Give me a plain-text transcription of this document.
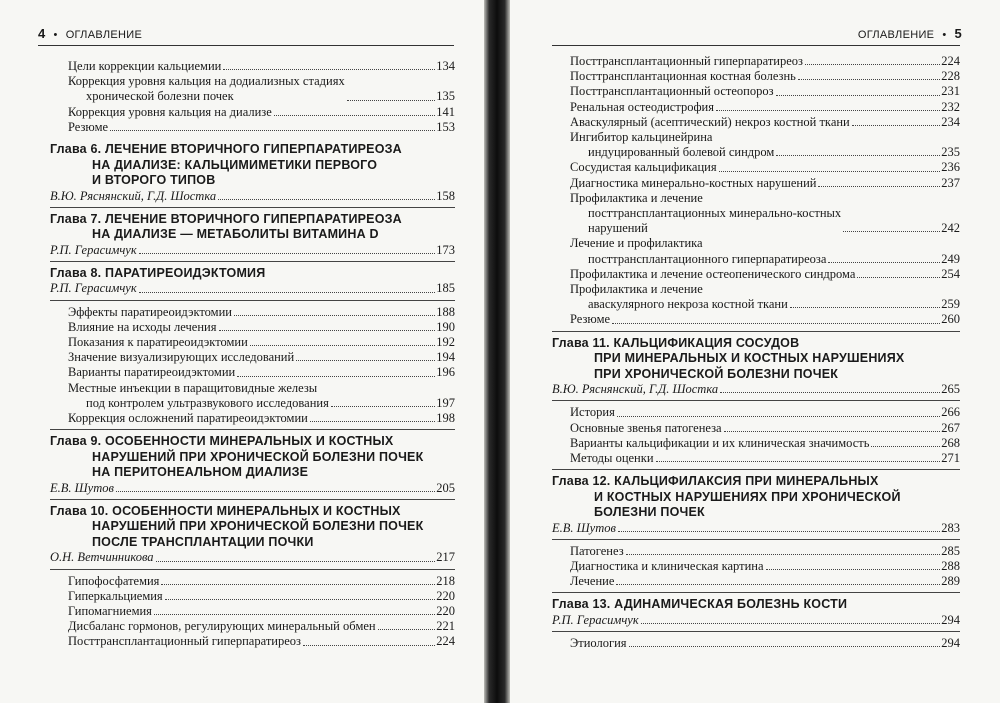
4 • ОГЛАВЛЕНИЕ
Цели коррекции кальциемии	134
Коррекция уровня кальция на додиализных стадиях
хронической болезни почек	135
Коррекция уровня кальция на диализе	141
Резюме	153
Глава 6. ЛЕЧЕНИЕ ВТОРИЧНОГО ГИПЕРПАРАТИРЕОЗА
НА ДИАЛИЗЕ: КАЛЬЦИМИМЕТИКИ ПЕРВОГО
И ВТОРОГО ТИПОВ
В.Ю. Ряснянский, Г.Д. Шостка	158
Глава 7. ЛЕЧЕНИЕ ВТОРИЧНОГО ГИПЕРПАРАТИРЕОЗА
НА ДИАЛИЗЕ — МЕТАБОЛИТЫ ВИТАМИНА D
Р.П. Герасимчук	173
Глава 8. ПАРАТИРЕОИДЭКТОМИЯ
Р.П. Герасимчук	185
Эффекты паратиреоидэктомии	188
Влияние на исходы лечения	190
Показания к паратиреоидэктомии	192
Значение визуализирующих исследований	194
Варианты паратиреоидэктомии	196
Местные инъекции в паращитовидные железы
под контролем ультразвукового исследования	197
Коррекция осложнений паратиреоидэктомии	198
Глава 9. ОСОБЕННОСТИ МИНЕРАЛЬНЫХ И КОСТНЫХ
НАРУШЕНИЙ ПРИ ХРОНИЧЕСКОЙ БОЛЕЗНИ ПОЧЕК
НА ПЕРИТОНЕАЛЬНОМ ДИАЛИЗЕ
Е.В. Шутов	205
Глава 10. ОСОБЕННОСТИ МИНЕРАЛЬНЫХ И КОСТНЫХ
НАРУШЕНИЙ ПРИ ХРОНИЧЕСКОЙ БОЛЕЗНИ ПОЧЕК
ПОСЛЕ ТРАНСПЛАНТАЦИИ ПОЧКИ
О.Н. Ветчинникова	217
Гипофосфатемия	218
Гиперкальциемия	220
Гипомагниемия	220
Дисбаланс гормонов, регулирующих минеральный обмен	221
Посттрансплантационный гиперпаратиреоз	224
ОГЛАВЛЕНИЕ • 5
Посттрансплантационный гиперпаратиреоз	224
Посттрансплантационная костная болезнь	228
Посттрансплантационный остеопороз	231
Ренальная остеодистрофия	232
Аваскулярный (асептический) некроз костной ткани	234
Ингибитор кальцинейрина
индуцированный болевой синдром	235
Сосудистая кальцификация	236
Диагностика минерально-костных нарушений	237
Профилактика и лечение
посттрансплантационных минерально-костных
нарушений	242
Лечение и профилактика
посттрансплантационного гиперпаратиреоза	249
Профилактика и лечение остеопенического синдрома	254
Профилактика и лечение
аваскулярного некроза костной ткани	259
Резюме	260
Глава 11. КАЛЬЦИФИКАЦИЯ СОСУДОВ
ПРИ МИНЕРАЛЬНЫХ И КОСТНЫХ НАРУШЕНИЯХ
ПРИ ХРОНИЧЕСКОЙ БОЛЕЗНИ ПОЧЕК
В.Ю. Ряснянский, Г.Д. Шостка	265
История	266
Основные звенья патогенеза	267
Варианты кальцификации и их клиническая значимость	268
Методы оценки	271
Глава 12. КАЛЬЦИФИЛАКСИЯ ПРИ МИНЕРАЛЬНЫХ
И КОСТНЫХ НАРУШЕНИЯХ ПРИ ХРОНИЧЕСКОЙ
БОЛЕЗНИ ПОЧЕК
Е.В. Шутов	283
Патогенез	285
Диагностика и клиническая картина	288
Лечение	289
Глава 13. АДИНАМИЧЕСКАЯ БОЛЕЗНЬ КОСТИ
Р.П. Герасимчук	294
Этиология	294
